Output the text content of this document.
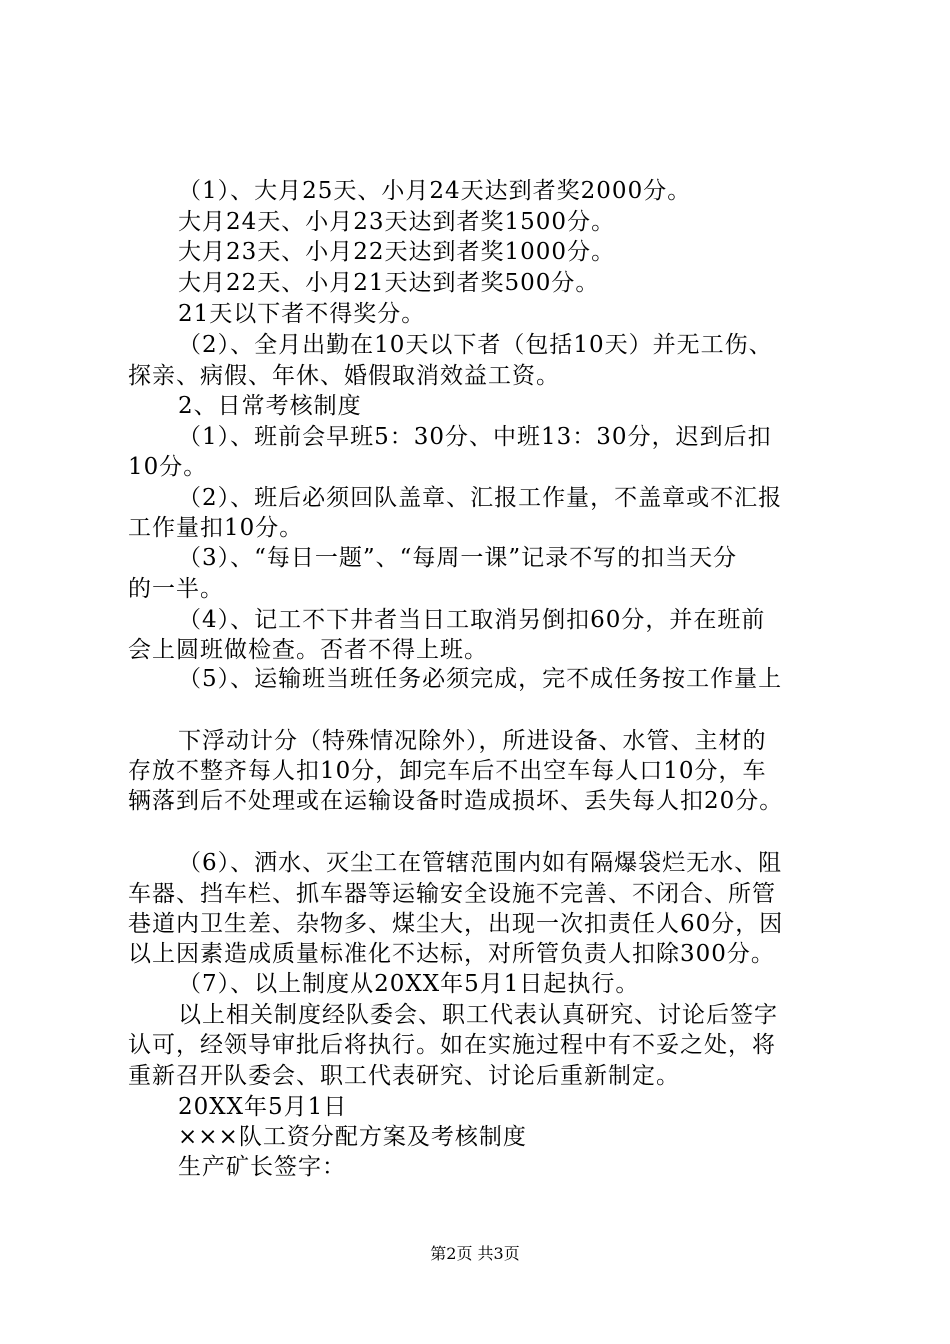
（1）、大月25天、小月24天达到者奖2000分。
大月24天、小月23天达到者奖1500分。
大月23天、小月22天达到者奖1000分。
大月22天、小月21天达到者奖500分。
21天以下者不得奖分。
（2）、全月出勤在10天以下者（包括10天）并无工伤、
探亲、病假、年休、婚假取消效益工资。
2、日常考核制度
（1）、班前会早班5：30分、中班13：30分，迟到后扣
10分。
（2）、班后必须回队盖章、汇报工作量，不盖章或不汇报
工作量扣10分。
（3）、“每日一题”、“每周一课”记录不写的扣当天分
的一半。
（4）、记工不下井者当日工取消另倒扣60分，并在班前
会上圆班做检查。否者不得上班。
（5）、运输班当班任务必须完成，完不成任务按工作量上
下浮动计分（特殊情况除外），所进设备、水管、主材的
存放不整齐每人扣10分，卸完车后不出空车每人口10分，车
辆落到后不处理或在运输设备时造成损坏、丢失每人扣20分。
（6）、洒水、灭尘工在管辖范围内如有隔爆袋烂无水、阻
车器、挡车栏、抓车器等运输安全设施不完善、不闭合、所管
巷道内卫生差、杂物多、煤尘大，出现一次扣责任人60分，因
以上因素造成质量标准化不达标，对所管负责人扣除300分。
（7）、以上制度从20XX年5月1日起执行。
以上相关制度经队委会、职工代表认真研究、讨论后签字
认可，经领导审批后将执行。如在实施过程中有不妥之处，将
重新召开队委会、职工代表研究、讨论后重新制定。
20XX年5月1日
×××队工资分配方案及考核制度
生产矿长签字：
第2页 共3页
